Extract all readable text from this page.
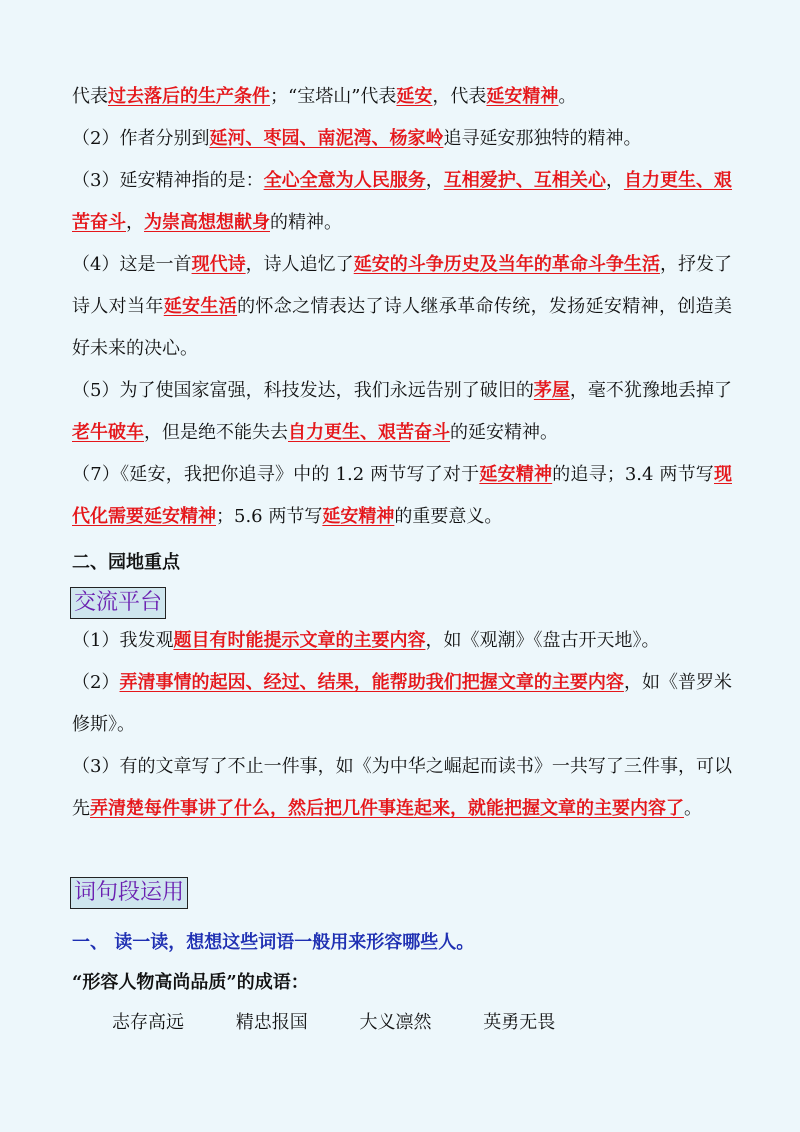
代表过去落后的生产条件；“宝塔山”代表延安，代表延安精神。

（2）作者分别到延河、枣园、南泥湾、杨家岭追寻延安那独特的精神。

（3）延安精神指的是：全心全意为人民服务，互相爱护、互相关心，自力更生、艰苦奋斗，为崇高想想献身的精神。

（4）这是一首现代诗，诗人追忆了延安的斗争历史及当年的革命斗争生活，抒发了诗人对当年延安生活的怀念之情表达了诗人继承革命传统，发扬延安精神，创造美好未来的决心。

（5）为了使国家富强，科技发达，我们永远告别了破旧的茅屋，毫不犹豫地丢掉了老牛破车，但是绝不能失去自力更生、艰苦奋斗的延安精神。

（7）《延安，我把你追寻》中的 1.2 两节写了对于延安精神的追寻；3.4 两节写现代化需要延安精神；5.6 两节写延安精神的重要意义。

二、园地重点

交流平台

（1）我发观题目有时能提示文章的主要内容，如《观潮》《盘古开天地》。

（2）弄清事情的起因、经过、结果，能帮助我们把握文章的主要内容，如《普罗米修斯》。

（3）有的文章写了不止一件事，如《为中华之崛起而读书》一共写了三件事，可以先弄清楚每件事讲了什么，然后把几件事连起来，就能把握文章的主要内容了。

词句段运用

一、 读一读，想想这些词语一般用来形容哪些人。

“形容人物高尚品质”的成语：

志存高远	精忠报国	大义凛然	英勇无畏
